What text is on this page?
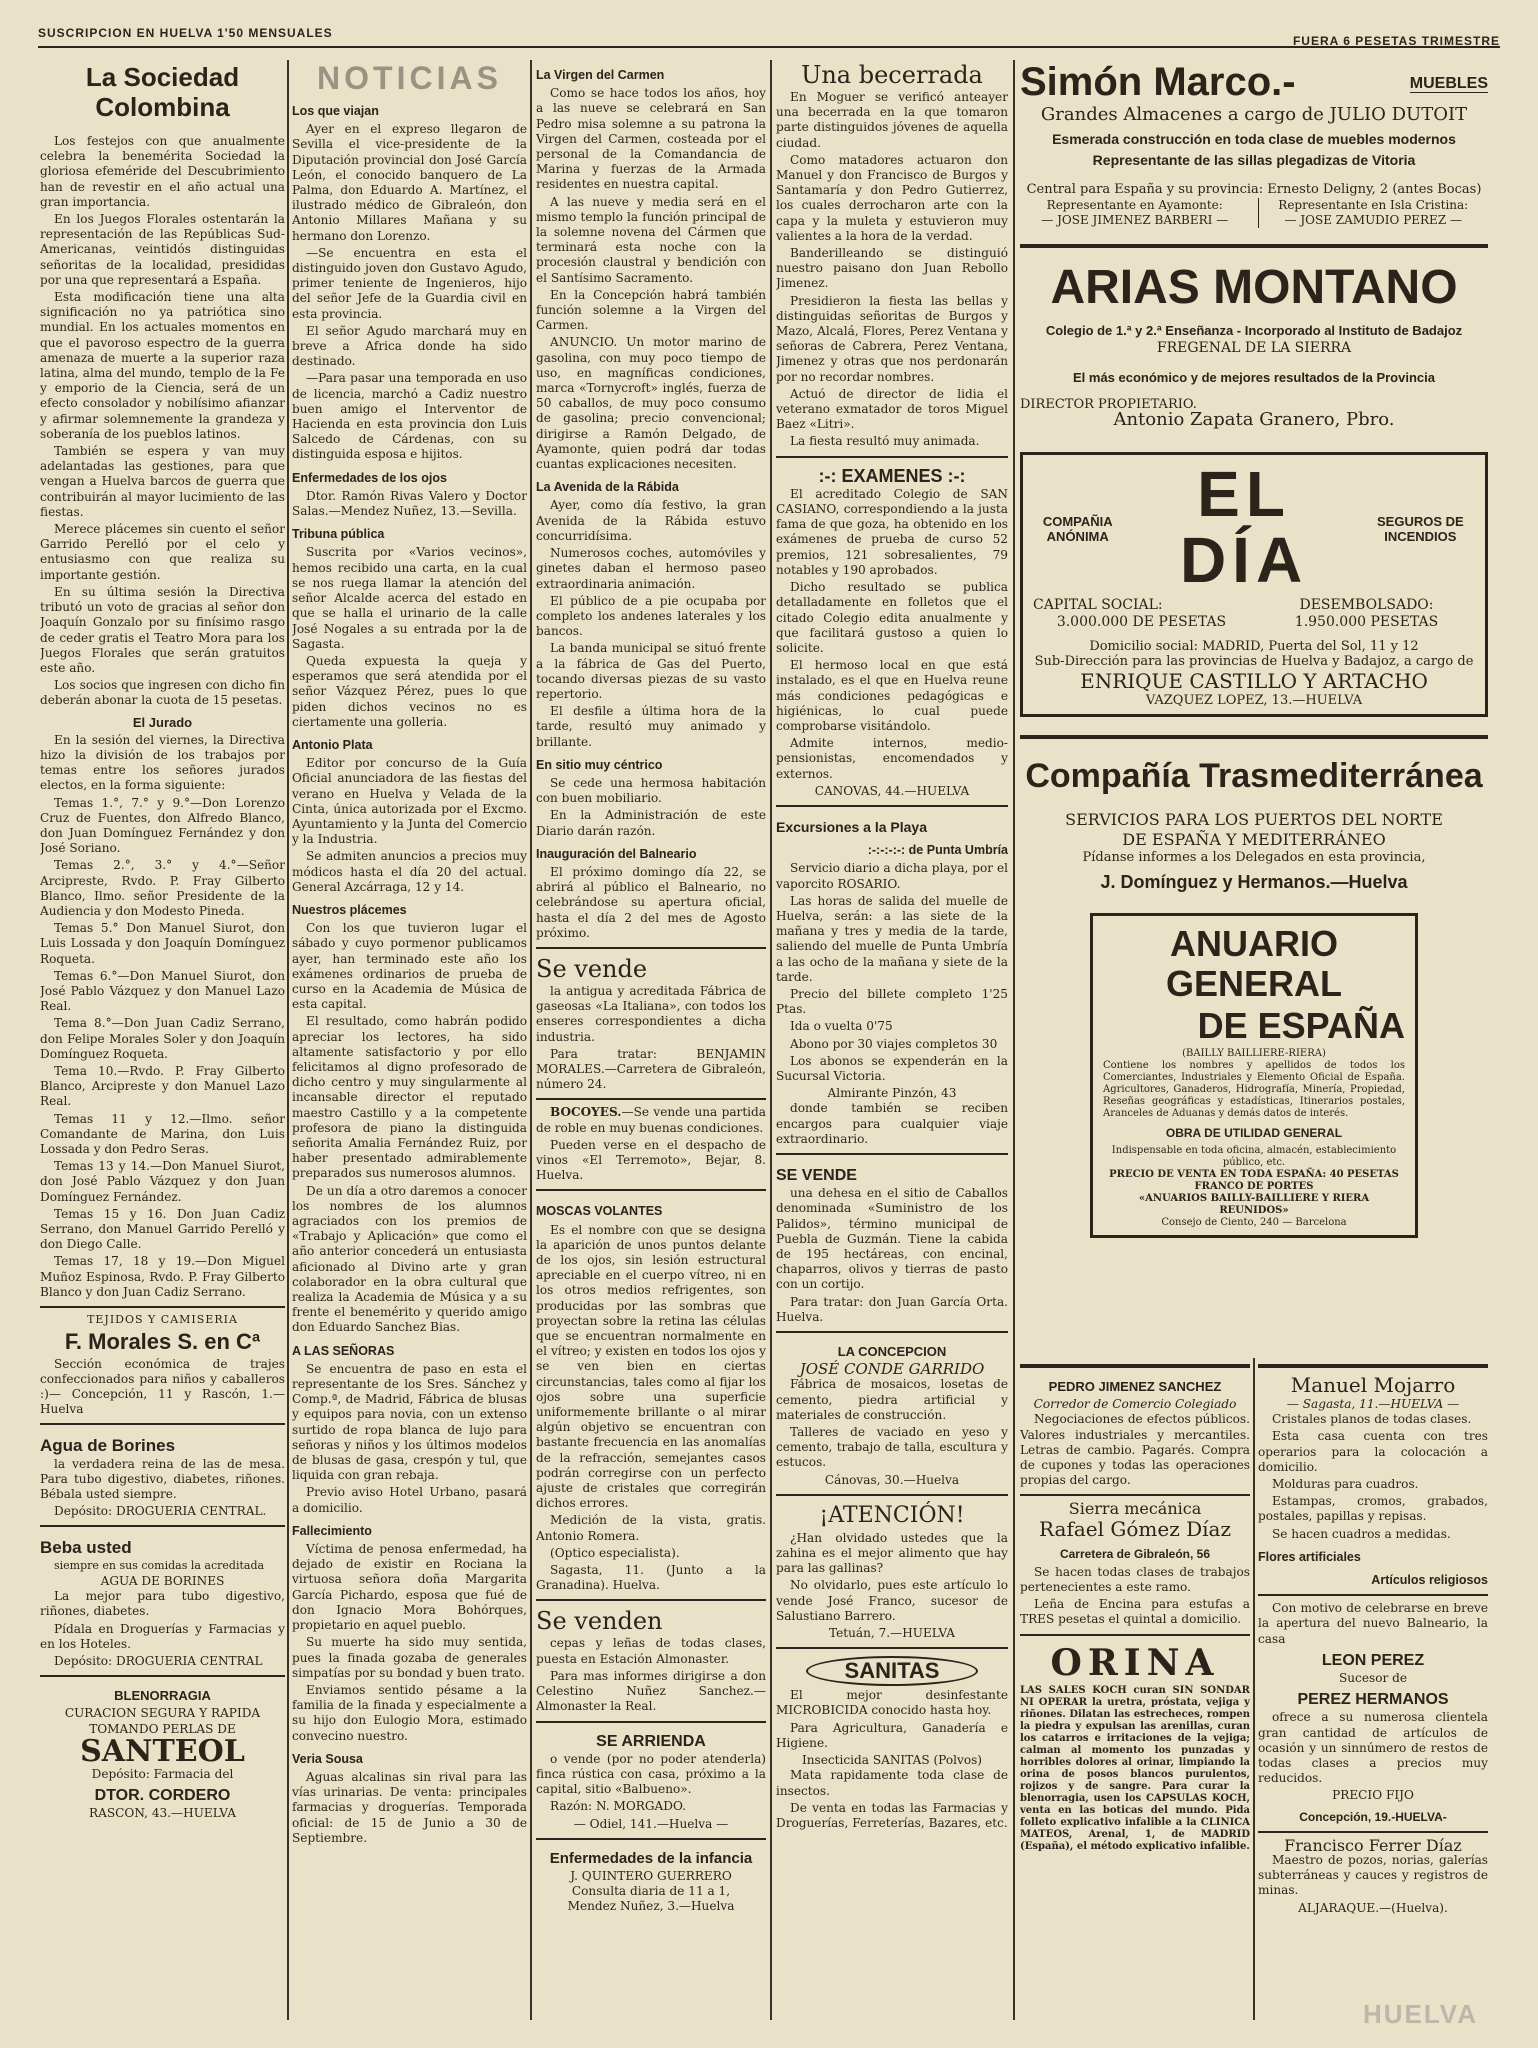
SUSCRIPCION EN HUELVA 1'50 MENSUALES
FUERA 6 PESETAS TRIMESTRE
La Sociedad Colombina

Los festejos con que anualmente celebra la benemérita Sociedad la gloriosa efeméride del Descubrimiento han de revestir en el año actual una gran importancia.

En los Juegos Florales ostentarán la representación de las Repúblicas Sud-Americanas, veintidós distinguidas señoritas de la localidad, presididas por una que representará a España.

Esta modificación tiene una alta significación no ya patriótica sino mundial. En los actuales momentos en que el pavoroso espectro de la guerra amenaza de muerte a la superior raza latina, alma del mundo, templo de la Fe y emporio de la Ciencia, será de un efecto consolador y nobilísimo afianzar y afirmar solemnemente la grandeza y soberanía de los pueblos latinos.

También se espera y van muy adelantadas las gestiones, para que vengan a Huelva barcos de guerra que contribuirán al mayor lucimiento de las fiestas.

Merece plácemes sin cuento el señor Garrido Perelló por el celo y entusiasmo con que realiza su importante gestión.

En su última sesión la Directiva tributó un voto de gracias al señor don Joaquín Gonzalo por su finísimo rasgo de ceder gratis el Teatro Mora para los Juegos Florales que serán gratuitos este año.

Los socios que ingresen con dicho fin deberán abonar la cuota de 15 pesetas.

El Jurado

En la sesión del viernes, la Directiva hizo la división de los trabajos por temas entre los señores jurados electos, en la forma siguiente:

Temas 1.°, 7.° y 9.°—Don Lorenzo Cruz de Fuentes, don Alfredo Blanco, don Juan Domínguez Fernández y don José Soriano.

Temas 2.°, 3.° y 4.°—Señor Arcipreste, Rvdo. P. Fray Gilberto Blanco, Ilmo. señor Presidente de la Audiencia y don Modesto Pineda.

Temas 5.° Don Manuel Siurot, don Luis Lossada y don Joaquín Domínguez Roqueta.

Temas 6.°—Don Manuel Siurot, don José Pablo Vázquez y don Manuel Lazo Real.

Tema 8.°—Don Juan Cadiz Serrano, don Felipe Morales Soler y don Joaquín Domínguez Roqueta.

Tema 10.—Rvdo. P. Fray Gilberto Blanco, Arcipreste y don Manuel Lazo Real.

Temas 11 y 12.—Ilmo. señor Comandante de Marina, don Luis Lossada y don Pedro Seras.

Temas 13 y 14.—Don Manuel Siurot, don José Pablo Vázquez y don Juan Domínguez Fernández.

Temas 15 y 16. Don Juan Cadiz Serrano, don Manuel Garrido Perelló y don Diego Calle.

Temas 17, 18 y 19.—Don Miguel Muñoz Espinosa, Rvdo. P. Fray Gilberto Blanco y don Juan Cadiz Serrano.

TEJIDOS Y CAMISERIA
F. Morales S. en Cª

Sección económica de trajes confeccionados para niños y caballeros :)— Concepción, 11 y Rascón, 1.—Huelva

Agua de Borines

la verdadera reina de las de mesa. Para tubo digestivo, diabetes, riñones. Bébala usted siempre.

Depósito: DROGUERIA CENTRAL.

Beba usted

siempre en sus comidas la acreditada

AGUA DE BORINES

La mejor para tubo digestivo, riñones, diabetes.

Pídala en Droguerías y Farmacias y en los Hoteles.

Depósito: DROGUERIA CENTRAL

BLENORRAGIA
CURACION SEGURA Y RAPIDA
TOMANDO PERLAS DE
SANTEOL
Depósito: Farmacia del
DTOR. CORDERO
RASCON, 43.—HUELVA
NOTICIAS
Los que viajan

Ayer en el expreso llegaron de Sevilla el vice-presidente de la Diputación provincial don José García León, el conocido banquero de La Palma, don Eduardo A. Martínez, el ilustrado médico de Gibraleón, don Antonio Millares Mañana y su hermano don Lorenzo.

—Se encuentra en esta el distinguido joven don Gustavo Agudo, primer teniente de Ingenieros, hijo del señor Jefe de la Guardia civil en esta provincia.

El señor Agudo marchará muy en breve a Africa donde ha sido destinado.

—Para pasar una temporada en uso de licencia, marchó a Cadiz nuestro buen amigo el Interventor de Hacienda en esta provincia don Luis Salcedo de Cárdenas, con su distinguida esposa e hijitos.

Enfermedades de los ojos

Dtor. Ramón Rivas Valero y Doctor Salas.—Mendez Nuñez, 13.—Sevilla.

Tribuna pública

Suscrita por «Varios vecinos», hemos recibido una carta, en la cual se nos ruega llamar la atención del señor Alcalde acerca del estado en que se halla el urinario de la calle José Nogales a su entrada por la de Sagasta.

Queda expuesta la queja y esperamos que será atendida por el señor Vázquez Pérez, pues lo que piden dichos vecinos no es ciertamente una golleria.

Antonio Plata

Editor por concurso de la Guía Oficial anunciadora de las fiestas del verano en Huelva y Velada de la Cinta, única autorizada por el Excmo. Ayuntamiento y la Junta del Comercio y la Industria.

Se admiten anuncios a precios muy módicos hasta el día 20 del actual. General Azcárraga, 12 y 14.

Nuestros plácemes

Con los que tuvieron lugar el sábado y cuyo pormenor publicamos ayer, han terminado este año los exámenes ordinarios de prueba de curso en la Academia de Música de esta capital.

El resultado, como habrán podido apreciar los lectores, ha sido altamente satisfactorio y por ello felicitamos al digno profesorado de dicho centro y muy singularmente al incansable director el reputado maestro Castillo y a la competente profesora de piano la distinguida señorita Amalia Fernández Ruiz, por haber presentado admirablemente preparados sus numerosos alumnos.

De un día a otro daremos a conocer los nombres de los alumnos agraciados con los premios de «Trabajo y Aplicación» que como el año anterior concederá un entusiasta aficionado al Divino arte y gran colaborador en la obra cultural que realiza la Academia de Música y a su frente el benemérito y querido amigo don Eduardo Sanchez Bias.

A LAS SEÑORAS

Se encuentra de paso en esta el representante de los Sres. Sánchez y Comp.ª, de Madrid, Fábrica de blusas y equipos para novia, con un extenso surtido de ropa blanca de lujo para señoras y niños y los últimos modelos de blusas de gasa, crespón y tul, que liquida con gran rebaja.

Previo aviso Hotel Urbano, pasará a domicilio.

Fallecimiento

Víctima de penosa enfermedad, ha dejado de existir en Rociana la virtuosa señora doña Margarita García Pichardo, esposa que fué de don Ignacio Mora Bohórques, propietario en aquel pueblo.

Su muerte ha sido muy sentida, pues la finada gozaba de generales simpatías por su bondad y buen trato.

Enviamos sentido pésame a la familia de la finada y especialmente a su hijo don Eulogio Mora, estimado convecino nuestro.

Veria Sousa

Aguas alcalinas sin rival para las vías urinarias. De venta: principales farmacias y droguerías. Temporada oficial: de 15 de Junio a 30 de Septiembre.

La Virgen del Carmen

Como se hace todos los años, hoy a las nueve se celebrará en San Pedro misa solemne a su patrona la Virgen del Carmen, costeada por el personal de la Comandancia de Marina y fuerzas de la Armada residentes en nuestra capital.

A las nueve y media será en el mismo templo la función principal de la solemne novena del Cármen que terminará esta noche con la procesión claustral y bendición con el Santísimo Sacramento.

En la Concepción habrá también función solemne a la Virgen del Carmen.

ANUNCIO. Un motor marino de gasolina, con muy poco tiempo de uso, en magníficas condiciones, marca «Tornycroft» inglés, fuerza de 50 caballos, de muy poco consumo de gasolina; precio convencional; dirigirse a Ramón Delgado, de Ayamonte, quien podrá dar todas cuantas explicaciones necesiten.

La Avenida de la Rábida

Ayer, como día festivo, la gran Avenida de la Rábida estuvo concurridísima.

Numerosos coches, automóviles y ginetes daban el hermoso paseo extraordinaria animación.

El público de a pie ocupaba por completo los andenes laterales y los bancos.

La banda municipal se situó frente a la fábrica de Gas del Puerto, tocando diversas piezas de su vasto repertorio.

El desfile a última hora de la tarde, resultó muy animado y brillante.

En sitio muy céntrico

Se cede una hermosa habitación con buen mobiliario.

En la Administración de este Diario darán razón.

Inauguración del Balneario

El próximo domingo día 22, se abrirá al público el Balneario, no celebrándose su apertura oficial, hasta el día 2 del mes de Agosto próximo.

Se vende

la antigua y acreditada Fábrica de gaseosas «La Italiana», con todos los enseres correspondientes a dicha industria.

Para tratar: BENJAMIN MORALES.—Carretera de Gibraleón, número 24.

BOCOYES.—Se vende una partida de roble en muy buenas condiciones.

Pueden verse en el despacho de vinos «El Terremoto», Bejar, 8. Huelva.

MOSCAS VOLANTES

Es el nombre con que se designa la aparición de unos puntos delante de los ojos, sin lesión estructural apreciable en el cuerpo vítreo, ni en los otros medios refrigentes, son producidas por las sombras que proyectan sobre la retina las células que se encuentran normalmente en el vítreo; y existen en todos los ojos y se ven bien en ciertas circunstancias, tales como al fijar los ojos sobre una superficie uniformemente brillante o al mirar algún objetivo se encuentran con bastante frecuencia en las anomalías de la refracción, semejantes casos podrán corregirse con un perfecto ajuste de cristales que corregirán dichos errores.

Medición de la vista, gratis. Antonio Romera.

(Optico especialista).

Sagasta, 11. (Junto a la Granadina). Huelva.

Se venden

cepas y leñas de todas clases, puesta en Estación Almonaster.

Para mas informes dirigirse a don Celestino Nuñez Sanchez.—Almonaster la Real.

SE ARRIENDA

o vende (por no poder atenderla) finca rústica con casa, próximo a la capital, sitio «Balbueno».

Razón: N. MORGADO.

— Odiel, 141.—Huelva —
Enfermedades de la infancia
J. QUINTERO GUERRERO
Consulta diaria de 11 a 1,
Mendez Nuñez, 3.—Huelva
Una becerrada

En Moguer se verificó anteayer una becerrada en la que tomaron parte distinguidos jóvenes de aquella ciudad.

Como matadores actuaron don Manuel y don Francisco de Burgos y Santamaría y don Pedro Gutierrez, los cuales derrocharon arte con la capa y la muleta y estuvieron muy valientes a la hora de la verdad.

Banderilleando se distinguió nuestro paisano don Juan Rebollo Jimenez.

Presidieron la fiesta las bellas y distinguidas señoritas de Burgos y Mazo, Alcalá, Flores, Perez Ventana y señoras de Cabrera, Perez Ventana, Jimenez y otras que nos perdonarán por no recordar nombres.

Actuó de director de lidia el veterano exmatador de toros Miguel Baez «Litri».

La fiesta resultó muy animada.

:-: EXAMENES :-:

El acreditado Colegio de SAN CASIANO, correspondiendo a la justa fama de que goza, ha obtenido en los exámenes de prueba de curso 52 premios, 121 sobresalientes, 79 notables y 190 aprobados.

Dicho resultado se publica detalladamente en folletos que el citado Colegio edita anualmente y que facilitará gustoso a quien lo solicite.

El hermoso local en que está instalado, es el que en Huelva reune más condiciones pedagógicas e higiénicas, lo cual puede comprobarse visitándolo.

Admite internos, medio-pensionistas, encomendados y externos.

CANOVAS, 44.—HUELVA
Excursiones a la Playa
:-:-:-:-: de Punta Umbría

Servicio diario a dicha playa, por el vaporcito ROSARIO.

Las horas de salida del muelle de Huelva, serán: a las siete de la mañana y tres y media de la tarde, saliendo del muelle de Punta Umbría a las ocho de la mañana y siete de la tarde.

Precio del billete completo 1'25 Ptas.

Ida o vuelta 0'75

Abono por 30 viajes completos 30

Los abonos se expenderán en la Sucursal Victoria.

Almirante Pinzón, 43

donde también se reciben encargos para cualquier viaje extraordinario.

SE VENDE

una dehesa en el sitio de Caballos denominada «Suministro de los Palidos», término municipal de Puebla de Guzmán. Tiene la cabida de 195 hectáreas, con encinal, chaparros, olivos y tierras de pasto con un cortijo.

Para tratar: don Juan García Orta. Huelva.

LA CONCEPCION
JOSÉ CONDE GARRIDO

Fábrica de mosaicos, losetas de cemento, piedra artificial y materiales de construcción.

Talleres de vaciado en yeso y cemento, trabajo de talla, escultura y estucos.

Cánovas, 30.—Huelva
¡ATENCIÓN!

¿Han olvidado ustedes que la zahina es el mejor alimento que hay para las gallinas?

No olvidarlo, pues este artículo lo vende José Franco, sucesor de Salustiano Barrero.

Tetuán, 7.—HUELVA
SANITAS

El mejor desinfestante MICROBICIDA conocido hasta hoy.

Para Agricultura, Ganadería e Higiene.

Insecticida SANITAS (Polvos)

Mata rapidamente toda clase de insectos.

De venta en todas las Farmacias y Droguerías, Ferreterías, Bazares, etc.

Simón Marco.-	MUEBLES
Grandes Almacenes a cargo de JULIO DUTOIT
Esmerada construcción en toda clase de muebles modernos
Representante de las sillas plegadizas de Vitoria
Central para España y su provincia: Ernesto Deligny, 2 (antes Bocas)
Representante en Ayamonte:
— JOSE JIMENEZ BARBERI —
Representante en Isla Cristina:
— JOSE ZAMUDIO PEREZ —
ARIAS MONTANO
Colegio de 1.ª y 2.ª Enseñanza - Incorporado al Instituto de Badajoz
FREGENAL DE LA SIERRA
El más económico y de mejores resultados de la Provincia
DIRECTOR PROPIETARIO.
Antonio Zapata Granero, Pbro.
COMPAÑIA ANÓNIMA
EL DÍA
SEGUROS DE INCENDIOS
CAPITAL SOCIAL:
3.000.000 DE PESETAS
DESEMBOLSADO:
1.950.000 PESETAS
Domicilio social: MADRID, Puerta del Sol, 11 y 12
Sub-Dirección para las provincias de Huelva y Badajoz, a cargo de
ENRIQUE CASTILLO Y ARTACHO
VAZQUEZ LOPEZ, 13.—HUELVA
Compañía Trasmediterránea
SERVICIOS PARA LOS PUERTOS DEL NORTE
DE ESPAÑA Y MEDITERRÁNEO
Pídanse informes a los Delegados en esta provincia,
J. Domínguez y Hermanos.—Huelva
ANUARIO GENERAL
DE ESPAÑA
(BAILLY BAILLIERE-RIERA)
Contiene los nombres y apellidos de todos los Comerciantes, Industriales y Elemento Oficial de España. Agricultores, Ganaderos, Hidrografía, Minería, Propiedad, Reseñas geográficas y estadísticas, Itinerarios postales, Aranceles de Aduanas y demás datos de interés.
OBRA DE UTILIDAD GENERAL
Indispensable en toda oficina, almacén, establecimiento público, etc.
PRECIO DE VENTA EN TODA ESPAÑA: 40 PESETAS FRANCO DE PORTES
«ANUARIOS BAILLY-BAILLIERE Y RIERA REUNIDOS»
Consejo de Ciento, 240 — Barcelona
PEDRO JIMENEZ SANCHEZ
Corredor de Comercio Colegiado

Negociaciones de efectos públicos. Valores industriales y mercantiles. Letras de cambio. Pagarés. Compra de cupones y todas las operaciones propias del cargo.

Sierra mecánica
Rafael Gómez Díaz
Carretera de Gibraleón, 56

Se hacen todas clases de trabajos pertenecientes a este ramo.

Leña de Encina para estufas a TRES pesetas el quintal a domicilio.

ORINA
LAS SALES KOCH curan SIN SONDAR NI OPERAR la uretra, próstata, vejiga y riñones. Dilatan las estrecheces, rompen la piedra y expulsan las arenillas, curan los catarros e irritaciones de la vejiga; calman al momento los punzadas y horribles dolores al orinar, limpiando la orina de posos blancos purulentos, rojizos y de sangre. Para curar la blenorragia, usen los CAPSULAS KOCH, venta en las boticas del mundo. Pida folleto explicativo infalible a la CLINICA MATEOS, Arenal, 1, de MADRID (España), el método explicativo infalible.
Manuel Mojarro
— Sagasta, 11.—HUELVA —

Cristales planos de todas clases.

Esta casa cuenta con tres operarios para la colocación a domicilio.

Molduras para cuadros.

Estampas, cromos, grabados, postales, papillas y repisas.

Se hacen cuadros a medidas.

Flores artificiales
Artículos religiosos

Con motivo de celebrarse en breve la apertura del nuevo Balneario, la casa

LEON PEREZ
Sucesor de
PEREZ HERMANOS

ofrece a su numerosa clientela gran cantidad de artículos de ocasión y un sinnúmero de restos de todas clases a precios muy reducidos.

PRECIO FIJO
Concepción, 19.-HUELVA-
Francisco Ferrer Díaz

Maestro de pozos, norias, galerías subterráneas y cauces y registros de minas.

ALJARAQUE.—(Huelva).
HUELVA
